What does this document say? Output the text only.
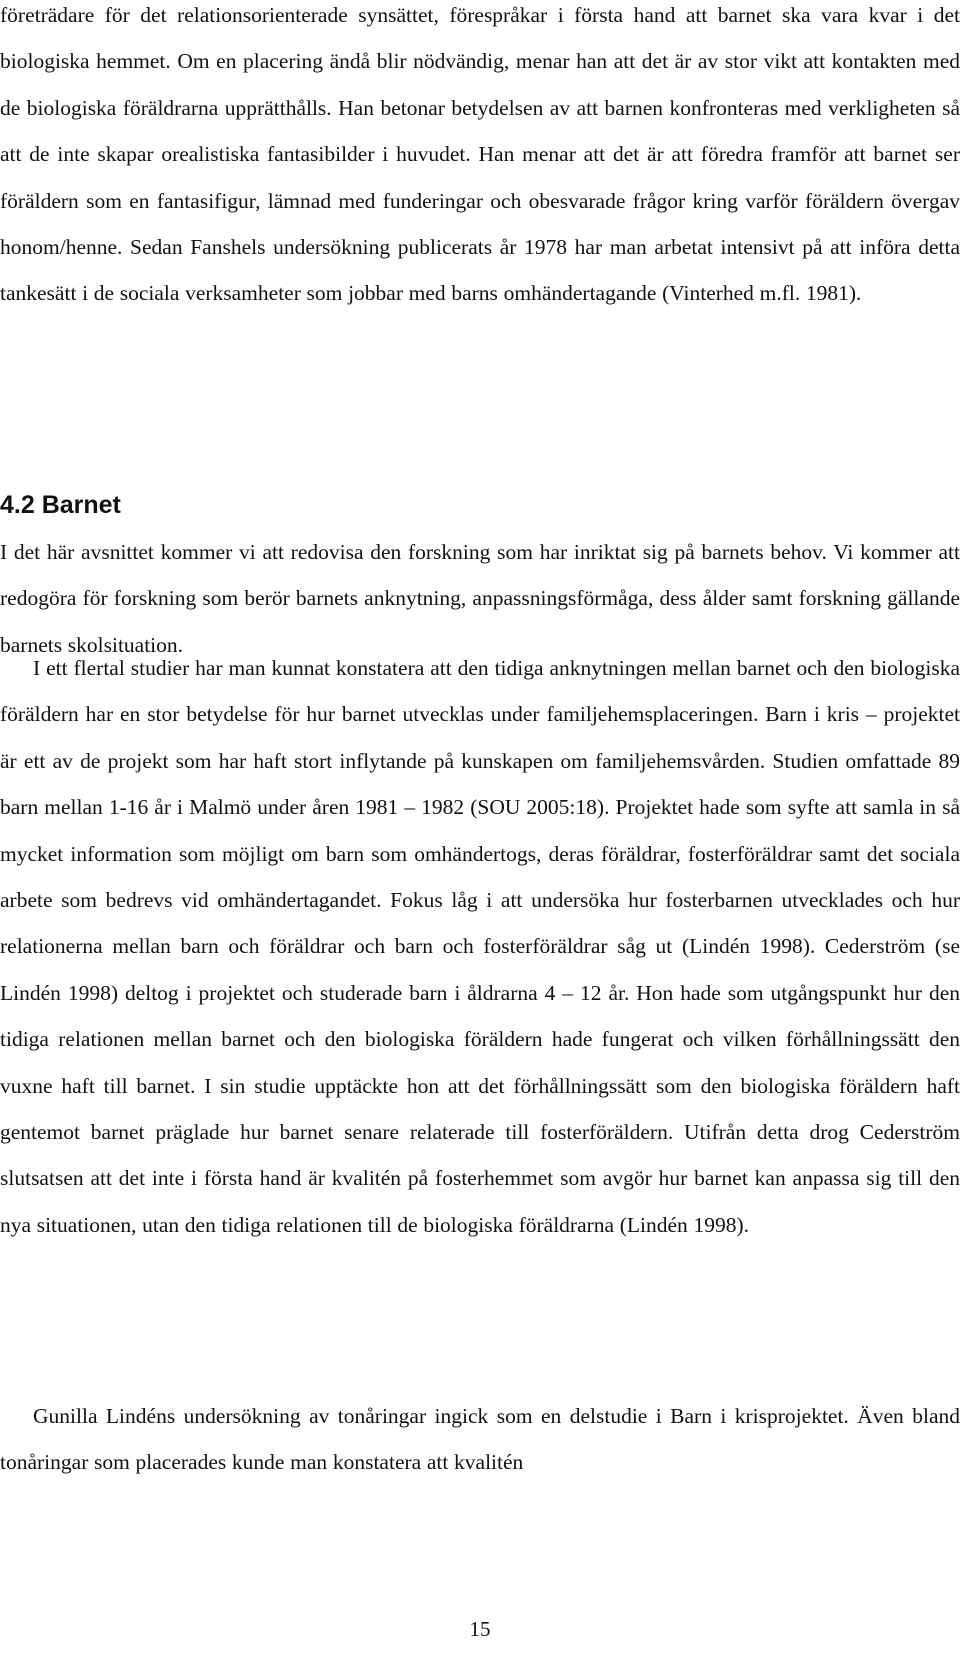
företrädare för det relationsorienterade synsättet, förespråkar i första hand att barnet ska vara kvar i det biologiska hemmet. Om en placering ändå blir nödvändig, menar han att det är av stor vikt att kontakten med de biologiska föräldrarna upprätthålls. Han betonar betydelsen av att barnen konfronteras med verkligheten så att de inte skapar orealistiska fantasibilder i huvudet. Han menar att det är att föredra framför att barnet ser föräldern som en fantasifigur, lämnad med funderingar och obesvarade frågor kring varför föräldern övergav honom/henne. Sedan Fanshels undersökning publicerats år 1978 har man arbetat intensivt på att införa detta tankesätt i de sociala verksamheter som jobbar med barns omhändertagande (Vinterhed m.fl. 1981).

4.2 Barnet

I det här avsnittet kommer vi att redovisa den forskning som har inriktat sig på barnets behov. Vi kommer att redogöra för forskning som berör barnets anknytning, anpassningsförmåga, dess ålder samt forskning gällande barnets skolsituation.

I ett flertal studier har man kunnat konstatera att den tidiga anknytningen mellan barnet och den biologiska föräldern har en stor betydelse för hur barnet utvecklas under familjehemsplaceringen. Barn i kris – projektet är ett av de projekt som har haft stort inflytande på kunskapen om familjehemsvården. Studien omfattade 89 barn mellan 1-16 år i Malmö under åren 1981 – 1982 (SOU 2005:18). Projektet hade som syfte att samla in så mycket information som möjligt om barn som omhändertogs, deras föräldrar, fosterföräldrar samt det sociala arbete som bedrevs vid omhändertagandet. Fokus låg i att undersöka hur fosterbarnen utvecklades och hur relationerna mellan barn och föräldrar och barn och fosterföräldrar såg ut (Lindén 1998). Cederström (se Lindén 1998) deltog i projektet och studerade barn i åldrarna 4 – 12 år. Hon hade som utgångspunkt hur den tidiga relationen mellan barnet och den biologiska föräldern hade fungerat och vilken förhållningssätt den vuxne haft till barnet. I sin studie upptäckte hon att det förhållningssätt som den biologiska föräldern haft gentemot barnet präglade hur barnet senare relaterade till fosterföräldern. Utifrån detta drog Cederström slutsatsen att det inte i första hand är kvalitén på fosterhemmet som avgör hur barnet kan anpassa sig till den nya situationen, utan den tidiga relationen till de biologiska föräldrarna (Lindén 1998).

Gunilla Lindéns undersökning av tonåringar ingick som en delstudie i Barn i krisprojektet. Även bland tonåringar som placerades kunde man konstatera att kvalitén

15
